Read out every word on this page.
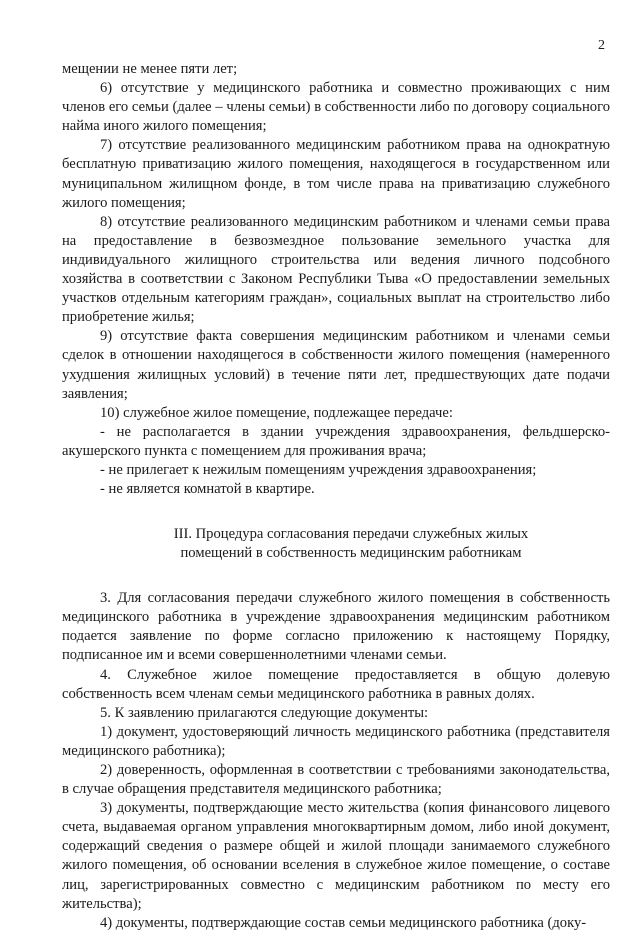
2

мещении не менее пяти лет;

6) отсутствие у медицинского работника и совместно проживающих с ним членов его семьи (далее – члены семьи) в собственности либо по договору социального найма иного жилого помещения;

7) отсутствие реализованного медицинским работником права на однократную бесплатную приватизацию жилого помещения, находящегося в государственном или муниципальном жилищном фонде, в том числе права на приватизацию служебного жилого помещения;

8) отсутствие реализованного медицинским работником и членами семьи права на предоставление в безвозмездное пользование земельного участка для индивидуального жилищного строительства или ведения личного подсобного хозяйства в соответствии с Законом Республики Тыва «О предоставлении земельных участков отдельным категориям граждан», социальных выплат на строительство либо приобретение жилья;

9) отсутствие факта совершения медицинским работником и членами семьи сделок в отношении находящегося в собственности жилого помещения (намеренного ухудшения жилищных условий) в течение пяти лет, предшествующих дате подачи заявления;

10) служебное жилое помещение, подлежащее передаче:

- не располагается в здании учреждения здравоохранения, фельдшерско-акушерского пункта с помещением для проживания врача;

- не прилегает к нежилым помещениям учреждения здравоохранения;

- не является комнатой в квартире.

III. Процедура согласования передачи служебных жилых
помещений в собственность медицинским работникам

3. Для согласования передачи служебного жилого помещения в собственность медицинского работника в учреждение здравоохранения медицинским работником подается заявление по форме согласно приложению к настоящему Порядку, подписанное им и всеми совершеннолетними членами семьи.

4. Служебное жилое помещение предоставляется в общую долевую собственность всем членам семьи медицинского работника в равных долях.

5. К заявлению прилагаются следующие документы:

1) документ, удостоверяющий личность медицинского работника (представителя медицинского работника);

2) доверенность, оформленная в соответствии с требованиями законодательства, в случае обращения представителя медицинского работника;

3) документы, подтверждающие место жительства (копия финансового лицевого счета, выдаваемая органом управления многоквартирным домом, либо иной документ, содержащий сведения о размере общей и жилой площади занимаемого служебного жилого помещения, об основании вселения в служебное жилое помещение, о составе лиц, зарегистрированных совместно с медицинским работником по месту его жительства);

4) документы, подтверждающие состав семьи медицинского работника (доку-
